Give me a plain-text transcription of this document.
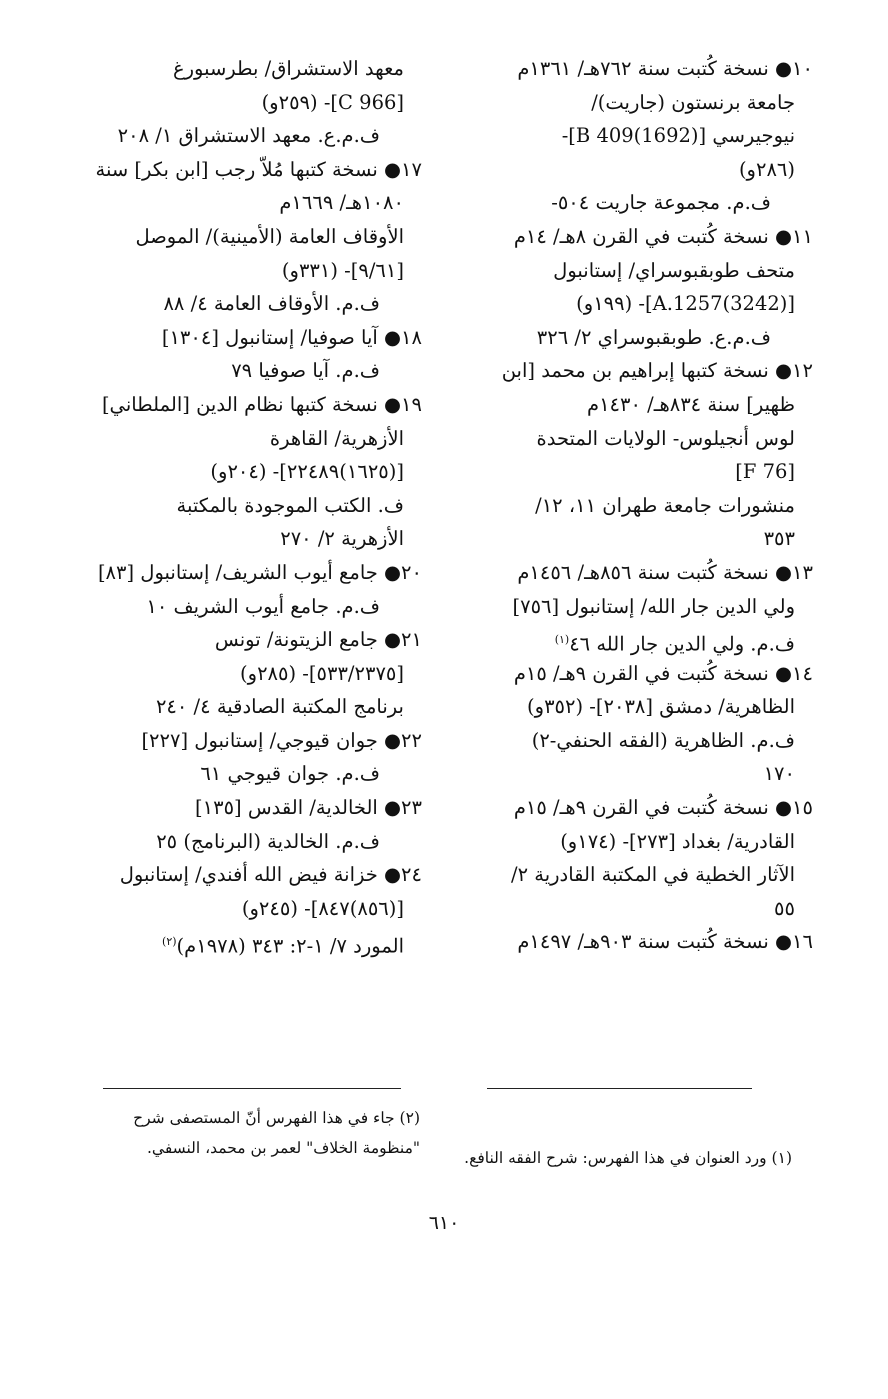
١٠● نسخة كُتبت سنة ٧٦٢هـ/ ١٣٦١م
جامعة برنستون (جاريت)/
نيوجيرسي [B 409(1692)]-
(٢٨٦و)
ف.م. مجموعة جاريت ٥٠٤-
١١● نسخة كُتبت في القرن ٨هـ/ ١٤م
متحف طوبقبوسراي/ إستانبول
[A.1257(3242)]- (١٩٩و)
ف.م.ع. طوبقبوسراي ٢/ ٣٢٦
١٢● نسخة كتبها إبراهيم بن محمد [ابن
ظهير] سنة ٨٣٤هـ/ ١٤٣٠م
لوس أنجيلوس- الولايات المتحدة
[F 76]
منشورات جامعة طهران ١١، ١٢/
٣٥٣
١٣● نسخة كُتبت سنة ٨٥٦هـ/ ١٤٥٦م
ولي الدين جار الله/ إستانبول [٧٥٦]
ف.م. ولي الدين جار الله ٤٦$^{(١)}$
١٤● نسخة كُتبت في القرن ٩هـ/ ١٥م
الظاهرية/ دمشق [٢٠٣٨]- (٣٥٢و)
ف.م. الظاهرية (الفقه الحنفي-٢)
١٧٠
١٥● نسخة كُتبت في القرن ٩هـ/ ١٥م
القادرية/ بغداد [٢٧٣]- (١٧٤و)
الآثار الخطية في المكتبة القادرية ٢/
٥٥
١٦● نسخة كُتبت سنة ٩٠٣هـ/ ١٤٩٧م
معهد الاستشراق/ بطرسبورغ
[C 966]- (٢٥٩و)
ف.م.ع. معهد الاستشراق ١/ ٢٠٨
١٧● نسخة كتبها مُلاّ رجب [ابن بكر] سنة
١٠٨٠هـ/ ١٦٦٩م
الأوقاف العامة (الأمينية)/ الموصل
[٩/٦١]- (٣٣١و)
ف.م. الأوقاف العامة ٤/ ٨٨
١٨● آيا صوفيا/ إستانبول [١٣٠٤]
ف.م. آيا صوفيا ٧٩
١٩● نسخة كتبها نظام الدين [الملطاني]
الأزهرية/ القاهرة
[(١٦٢٥)٢٢٤٨٩]- (٢٠٤و)
ف. الكتب الموجودة بالمكتبة
الأزهرية ٢/ ٢٧٠
٢٠● جامع أيوب الشريف/ إستانبول [٨٣]
ف.م. جامع أيوب الشريف ١٠
٢١● جامع الزيتونة/ تونس
[٥٣٣/٢٣٧٥]- (٢٨٥و)
برنامج المكتبة الصادقية ٤/ ٢٤٠
٢٢● جوان قيوجي/ إستانبول [٢٢٧]
ف.م. جوان قيوجي ٦١
٢٣● الخالدية/ القدس [١٣٥]
ف.م. الخالدية (البرنامج) ٢٥
٢٤● خزانة فيض الله أفندي/ إستانبول
[(٨٥٦)٨٤٧]- (٢٤٥و)
المورد ٧/ ١-٢: ٣٤٣ (١٩٧٨م)$^{(٢)}$
(١) ورد العنوان في هذا الفهرس: شرح الفقه النافع.
(٢) جاء في هذا الفهرس أنّ المستصفى شرح
"منظومة الخلاف" لعمر بن محمد، النسفي.
٦١٠
